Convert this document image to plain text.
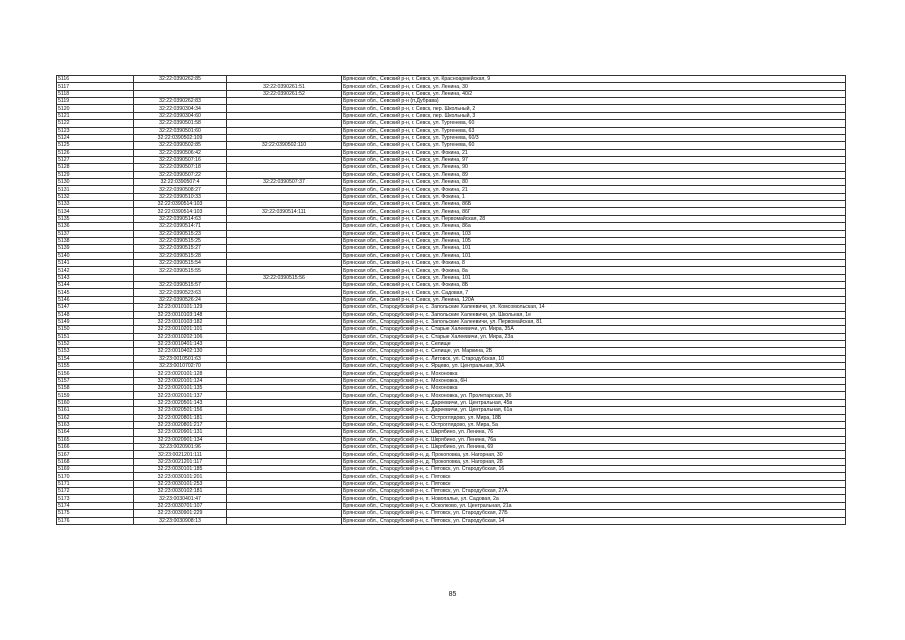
5116	32:22:0390262:85		Брянская обл., Севский р-н, г. Севск, ул. Красноармейская, 9
5117		32:22:0390261:51	Брянская обл., Севский р-н, г. Севск, ул. Ленина, 30
5118		32:22:0390261:52	Брянская обл., Севский р-н, г. Севск, ул. Ленина, 40/2
5119	32:22:0390262:83		Брянская обл., Севский р-н (п.Дубрава)
5120	32:22:0390304:34		Брянская обл., Севский р-н, г. Севск, пер. Школьный, 2
5121	32:22:0390304:60		Брянская обл., Севский р-н, г. Севск, пер. Школьный, 3
5122	32:22:0390501:58		Брянская обл., Севский р-н, г. Севск, ул. Тургенева, 60
5123	32:22:0390501:60		Брянская обл., Севский р-н, г. Севск, ул. Тургенева, 63
5124	32:22:0390502:109		Брянская обл., Севский р-н, г. Севск, ул. Тургенева, 60/3
5125	32:22:0390502:85	32:22:0390502:110	Брянская обл., Севский р-н, г. Севск, ул. Тургенева, 60
5126	32:22:0390506:42		Брянская обл., Севский р-н, г. Севск, ул. Фокина, 21
5127	32:22:0390507:16		Брянская обл., Севский р-н, г. Севск, ул. Ленина, 97
5128	32:22:0390507:18		Брянская обл., Севский р-н, г. Севск, ул. Ленина, 90
5129	32:22:0390507:22		Брянская обл., Севский р-н, г. Севск, ул. Ленина, 89
5130	32:22:0390507:4	32:22:0390507:37	Брянская обл., Севский р-н, г. Севск, ул. Ленина, 80
5131	32:22:0390508:27		Брянская обл., Севский р-н, г. Севск, ул. Фокина, 21
5132	32:22:0390510:33		Брянская обл., Севский р-н, г. Севск, ул. Фокина, 1
5133	32:22:0390514:103		Брянская обл., Севский р-н, г. Севск, ул. Ленина, 86Б
5134	32:22:0390514:103	32:22:0390514:111	Брянская обл., Севский р-н, г. Севск, ул. Ленина, 86Г
5135	32:22:0390514:63		Брянская обл., Севский р-н, г. Севск, ул. Первомайская, 28
5136	32:22:0390514:71		Брянская обл., Севский р-н, г. Севск, ул. Ленина, 86а
5137	32:22:0390515:23		Брянская обл., Севский р-н, г. Севск, ул. Ленина, 103
5138	32:22:0390515:25		Брянская обл., Севский р-н, г. Севск, ул. Ленина, 105
5139	32:22:0390515:27		Брянская обл., Севский р-н, г. Севск, ул. Ленина, 101
5140	32:22:0390515:28		Брянская обл., Севский р-н, г. Севск, ул. Ленина, 101
5141	32:22:0390515:54		Брянская обл., Севский р-н, г. Севск, ул. Фокина, 8
5142	32:22:0390515:55		Брянская обл., Севский р-н, г. Севск, ул. Фокина, 8а
5143		32:22:0390515:56	Брянская обл., Севский р-н, г. Севск, ул. Ленина, 101
5144	32:22:0390515:57		Брянская обл., Севский р-н, г. Севск, ул. Фокина, 8Б
5145	32:22:0390523:63		Брянская обл., Севский р-н, г. Севск, ул. Садовая, 7
5146	32:22:0390526:24		Брянская обл., Севский р-н, г. Севск, ул. Ленина, 120А
5147	32:23:0010101:129		Брянская обл., Стародубский р-н, с. Запольские Халеевичи, ул. Комсомольская, 14
5148	32:23:0010103:148		Брянская обл., Стародубский р-н, с. Запольские Халеевичи, ул. Школьная, 1е
5149	32:23:0010103:182		Брянская обл., Стародубский р-н, с. Запольские Халеевичи, ул. Первомайская, 81
5150	32:23:0010201:101		Брянская обл., Стародубский р-н, с. Старые Халеевичи, ул. Мира, 35А
5151	32:23:0010202:106		Брянская обл., Стародубский р-н, с. Старые Халеевичи, ул. Мира, 23а
5152	32:23:0010401:143		Брянская обл., Стародубский р-н, с. Селище
5153	32:23:0010402:130		Брянская обл., Стародубский р-н, с. Селище, ул. Маркина, 2Б
5154	32:23:0010501:63		Брянская обл., Стародубский р-н, с. Литовск, ул. Стародубская, 10
5155	32:23:0010702:70		Брянская обл., Стародубский р-н, с. Ярцево, ул. Центральная, 30А
5156	32:23:0020101:128		Брянская обл., Стародубский р-н, с. Мохоновка
5157	32:23:0020101:124		Брянская обл., Стародубский р-н, с. Мохоновка, 6Н
5158	32:23:0020101:135		Брянская обл., Стародубский р-н, с. Мохоновка
5159	32:23:0020101:137		Брянская обл., Стародубский р-н, с. Мохоновка, ул. Пролетарская, 3б
5160	32:23:0020501:143		Брянская обл., Стародубский р-н, с. Дареевичи, ул. Центральная, 45в
5161	32:23:0020501:156		Брянская обл., Стародубский р-н, с. Дареевичи, ул. Центральная, 61а
5162	32:23:0020801:181		Брянская обл., Стародубский р-н, с. Остроглядово, ул. Мира, 18Б
5163	32:23:0020801:217		Брянская обл., Стародубский р-н, с. Остроглядово, ул. Мира, 5а
5164	32:23:0020901:131		Брянская обл., Стародубский р-н, с. Шкрябино, ул. Ленина, 76
5165	32:23:0020901:134		Брянская обл., Стародубский р-н, с. Шкрябино, ул. Ленина, 76а
5166	32:23:0020901:96		Брянская обл., Стародубский р-н, с. Шкрябино, ул. Ленина, 69
5167	32:23:0021201:111		Брянская обл., Стародубский р-н, д. Прокоповка, ул. Нагорная, 30
5168	32:23:0021201:117		Брянская обл., Стародубский р-н, д. Прокоповка, ул. Нагорная, 28
5169	32:23:0030101:185		Брянская обл., Стародубский р-н, с. Пятовск, ул. Стародубская, 16
5170	32:23:0030101:201		Брянская обл., Стародубский р-н, с. Пятовск
5171	32:23:0030101:253		Брянская обл., Стародубский р-н, с. Пятовск
5172	32:23:0030102:181		Брянская обл., Стародубский р-н, с. Пятовск, ул. Стародубская, 27А
5173	32:23:0030401:47		Брянская обл., Стародубский р-н, п. Новопалье, ул. Садовая, 2а
5174	32:23:0030701:107		Брянская обл., Стародубский р-н, с. Осколково, ул. Центральная, 21а
5175	32:23:0030901:229		Брянская обл., Стародубский р-н, с. Пятовск, ул. Стародубская, 27Б
5176	32:23:0030908:13		Брянская обл., Стародубский р-н, с. Пятовск, ул. Стародубская, 14
85
